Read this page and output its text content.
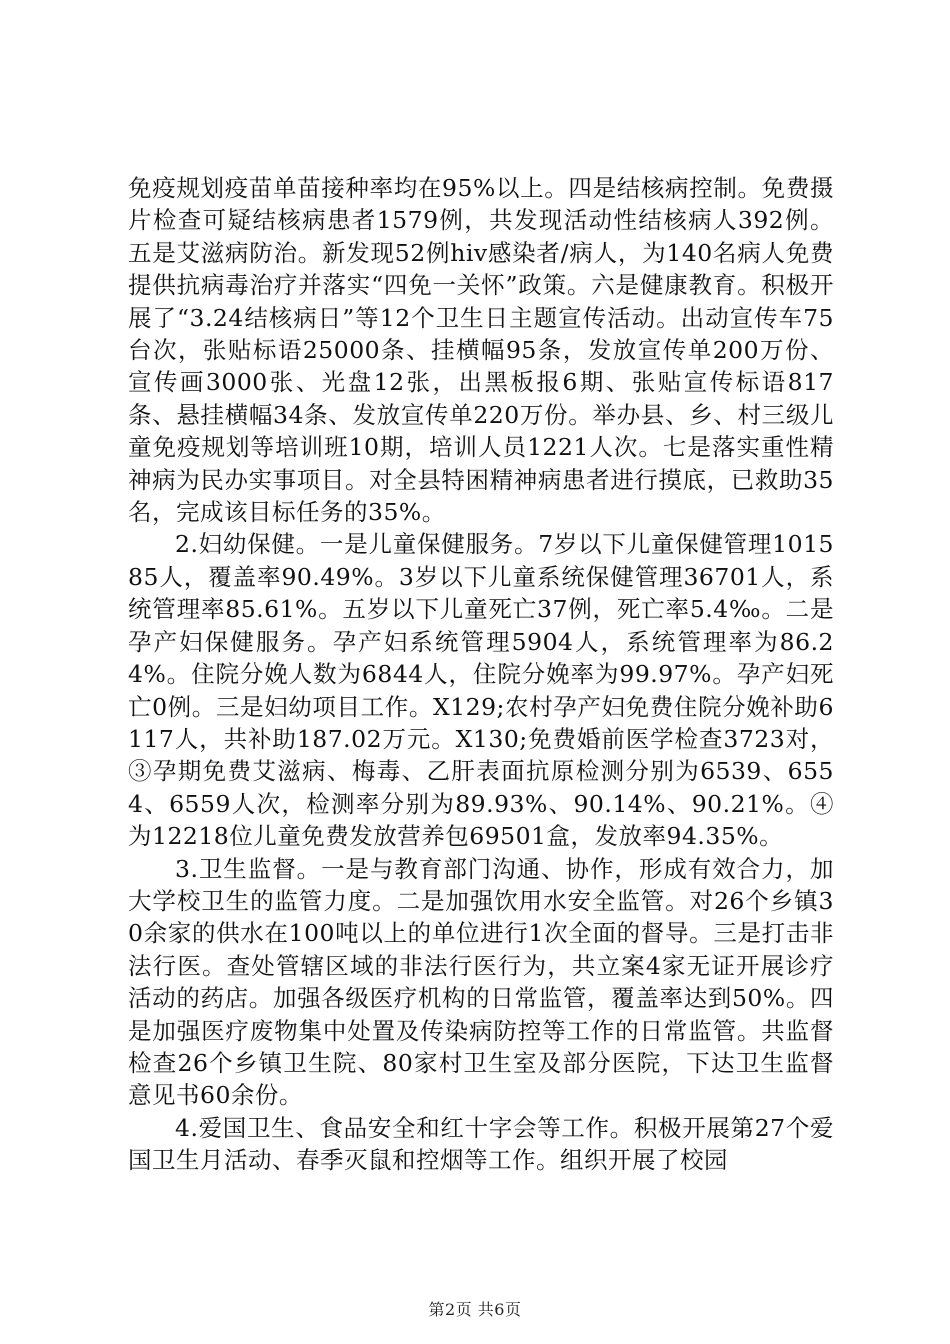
免疫规划疫苗单苗接种率均在95%以上。四是结核病控制。免费摄片检查可疑结核病患者1579例，共发现活动性结核病人392例。五是艾滋病防治。新发现52例hiv感染者/病人，为140名病人免费提供抗病毒治疗并落实“四免一关怀”政策。六是健康教育。积极开展了“3.24结核病日”等12个卫生日主题宣传活动。出动宣传车75台次，张贴标语25000条、挂横幅95条，发放宣传单200万份、宣传画3000张、光盘12张，出黑板报6期、张贴宣传标语817条、悬挂横幅34条、发放宣传单220万份。举办县、乡、村三级儿童免疫规划等培训班10期，培训人员1221人次。七是落实重性精神病为民办实事项目。对全县特困精神病患者进行摸底，已救助35名，完成该目标任务的35%。

2.妇幼保健。一是儿童保健服务。7岁以下儿童保健管理101585人，覆盖率90.49%。3岁以下儿童系统保健管理36701人，系统管理率85.61%。五岁以下儿童死亡37例，死亡率5.4‰。二是孕产妇保健服务。孕产妇系统管理5904人，系统管理率为86.24%。住院分娩人数为6844人，住院分娩率为99.97%。孕产妇死亡0例。三是妇幼项目工作。X129;农村孕产妇免费住院分娩补助6117人，共补助187.02万元。X130;免费婚前医学检查3723对，③孕期免费艾滋病、梅毒、乙肝表面抗原检测分别为6539、6554、6559人次，检测率分别为89.93%、90.14%、90.21%。④为12218位儿童免费发放营养包69501盒，发放率94.35%。

3.卫生监督。一是与教育部门沟通、协作，形成有效合力，加大学校卫生的监管力度。二是加强饮用水安全监管。对26个乡镇30余家的供水在100吨以上的单位进行1次全面的督导。三是打击非法行医。查处管辖区域的非法行医行为，共立案4家无证开展诊疗活动的药店。加强各级医疗机构的日常监管，覆盖率达到50%。四是加强医疗废物集中处置及传染病防控等工作的日常监管。共监督检查26个乡镇卫生院、80家村卫生室及部分医院，下达卫生监督意见书60余份。

4.爱国卫生、食品安全和红十字会等工作。积极开展第27个爱国卫生月活动、春季灭鼠和控烟等工作。组织开展了校园

第2页 共6页
